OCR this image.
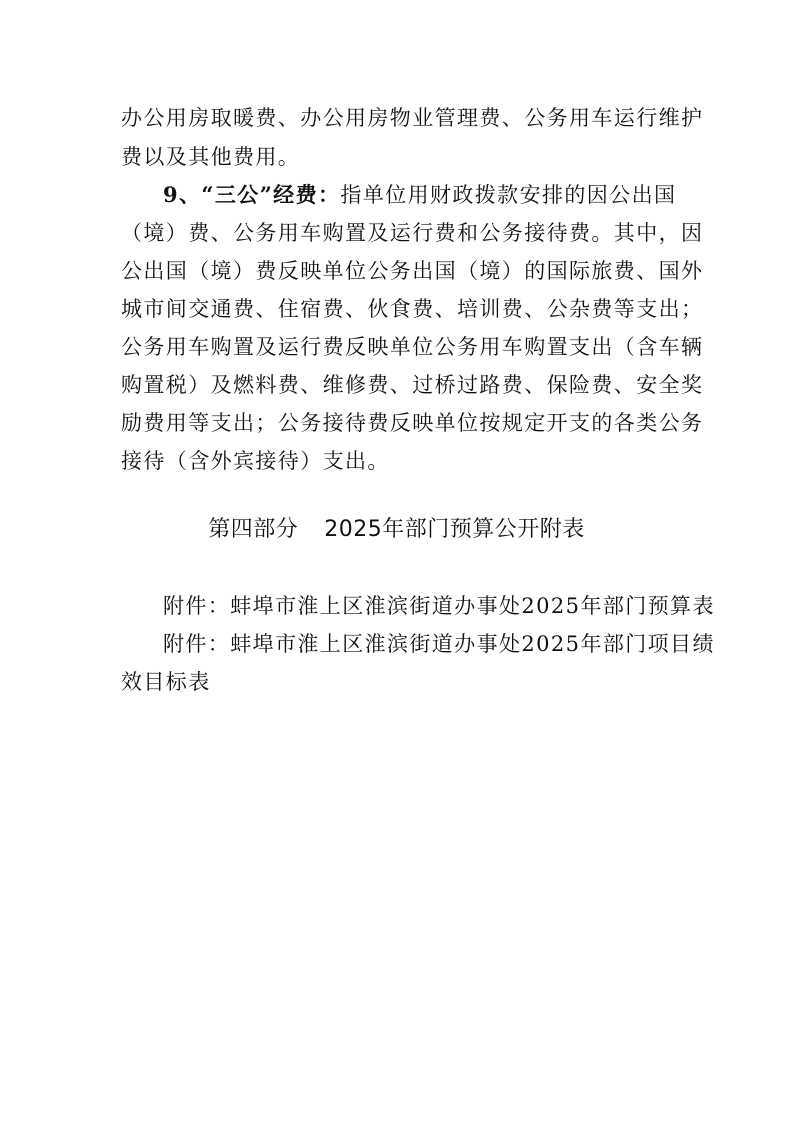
办公用房取暖费、办公用房物业管理费、公务用车运行维护
费以及其他费用。
9、“三公”经费：指单位用财政拨款安排的因公出国
（境）费、公务用车购置及运行费和公务接待费。其中，因
公出国（境）费反映单位公务出国（境）的国际旅费、国外
城市间交通费、住宿费、伙食费、培训费、公杂费等支出；
公务用车购置及运行费反映单位公务用车购置支出（含车辆
购置税）及燃料费、维修费、过桥过路费、保险费、安全奖
励费用等支出；公务接待费反映单位按规定开支的各类公务
接待（含外宾接待）支出。
第四部分 2025年部门预算公开附表
附件：蚌埠市淮上区淮滨街道办事处2025年部门预算表
附件：蚌埠市淮上区淮滨街道办事处2025年部门项目绩
效目标表
